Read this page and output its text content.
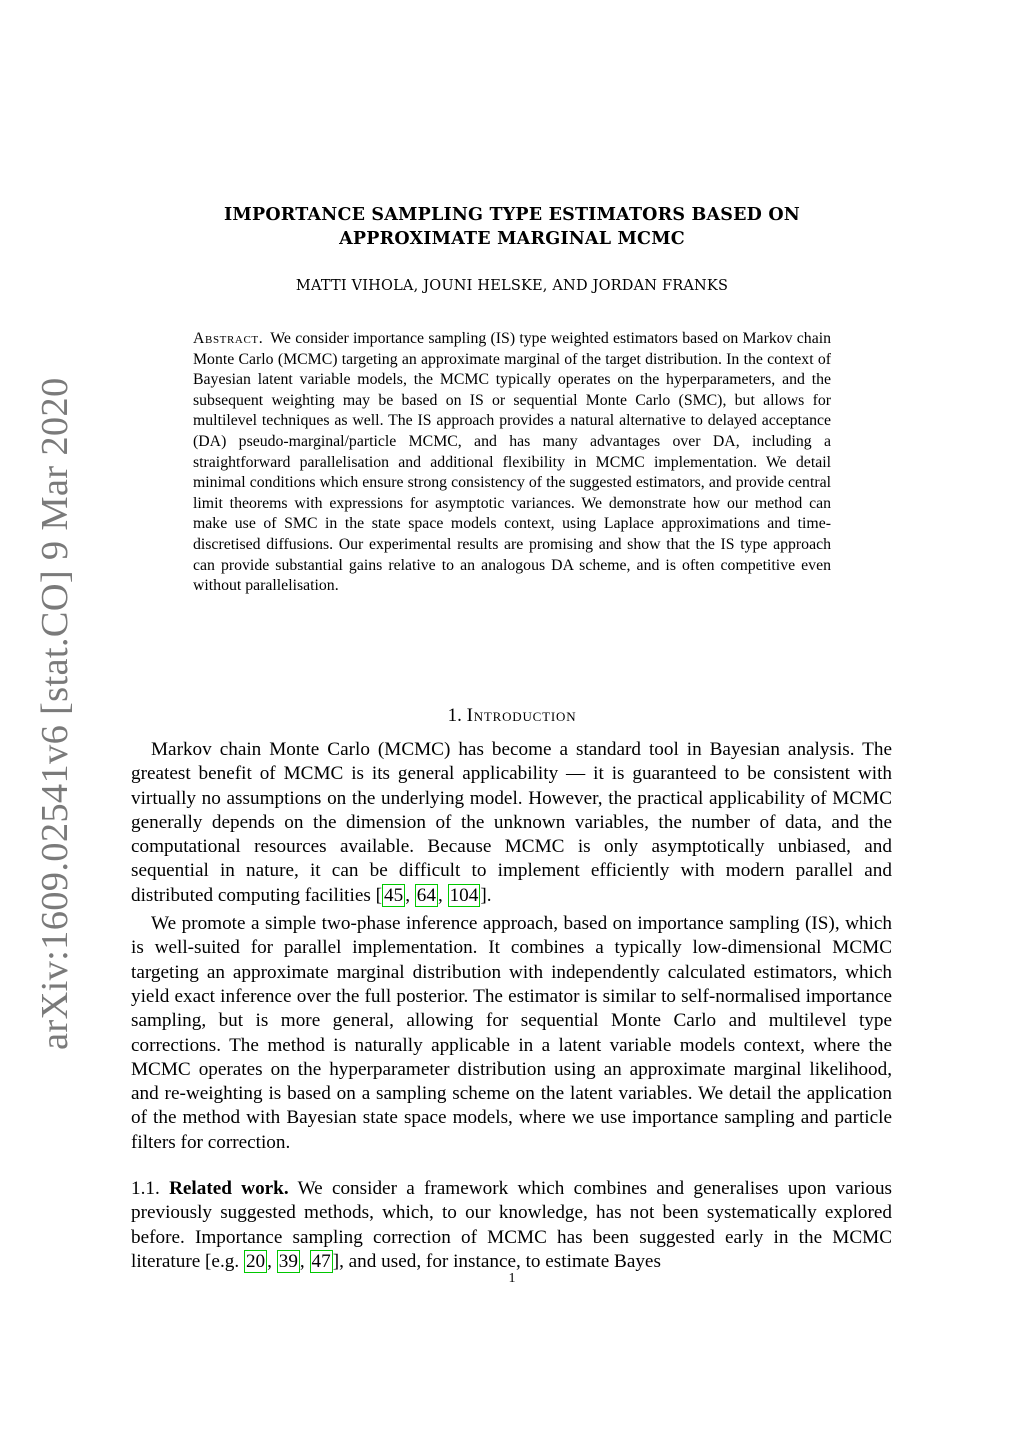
arXiv:1609.02541v6 [stat.CO] 9 Mar 2020
IMPORTANCE SAMPLING TYPE ESTIMATORS BASED ON
APPROXIMATE MARGINAL MCMC
MATTI VIHOLA, JOUNI HELSKE, AND JORDAN FRANKS

Abstract. We consider importance sampling (IS) type weighted estimators based on Markov chain Monte Carlo (MCMC) targeting an approximate marginal of the target distribution. In the context of Bayesian latent variable models, the MCMC typically operates on the hyperparameters, and the subsequent weighting may be based on IS or sequential Monte Carlo (SMC), but allows for multilevel techniques as well. The IS approach provides a natural alternative to delayed acceptance (DA) pseudo-marginal/particle MCMC, and has many advantages over DA, including a straightforward parallelisation and additional flexibility in MCMC implementation. We detail minimal conditions which ensure strong consistency of the suggested estimators, and provide central limit theorems with expressions for asymptotic variances. We demonstrate how our method can make use of SMC in the state space models context, using Laplace approximations and time-discretised diffusions. Our experimental results are promising and show that the IS type approach can provide substantial gains relative to an analogous DA scheme, and is often competitive even without parallelisation.

1. Introduction

Markov chain Monte Carlo (MCMC) has become a standard tool in Bayesian analysis. The greatest benefit of MCMC is its general applicability — it is guaranteed to be consistent with virtually no assumptions on the underlying model. However, the practical applicability of MCMC generally depends on the dimension of the unknown variables, the number of data, and the computational resources available. Because MCMC is only asymptotically unbiased, and sequential in nature, it can be difficult to implement efficiently with modern parallel and distributed computing facilities [ 45 , 64 , 104 ].

We promote a simple two-phase inference approach, based on importance sampling (IS), which is well-suited for parallel implementation. It combines a typically low-dimensional MCMC targeting an approximate marginal distribution with independently calculated estimators, which yield exact inference over the full posterior. The estimator is similar to self-normalised importance sampling, but is more general, allowing for sequential Monte Carlo and multilevel type corrections. The method is naturally applicable in a latent variable models context, where the MCMC operates on the hyperparameter distribution using an approximate marginal likelihood, and re-weighting is based on a sampling scheme on the latent variables. We detail the application of the method with Bayesian state space models, where we use importance sampling and particle filters for correction.

1.1. Related work. We consider a framework which combines and generalises upon various previously suggested methods, which, to our knowledge, has not been systematically explored before. Importance sampling correction of MCMC has been suggested early in the MCMC literature [e.g. 20 , 39 , 47 ], and used, for instance, to estimate Bayes

1
